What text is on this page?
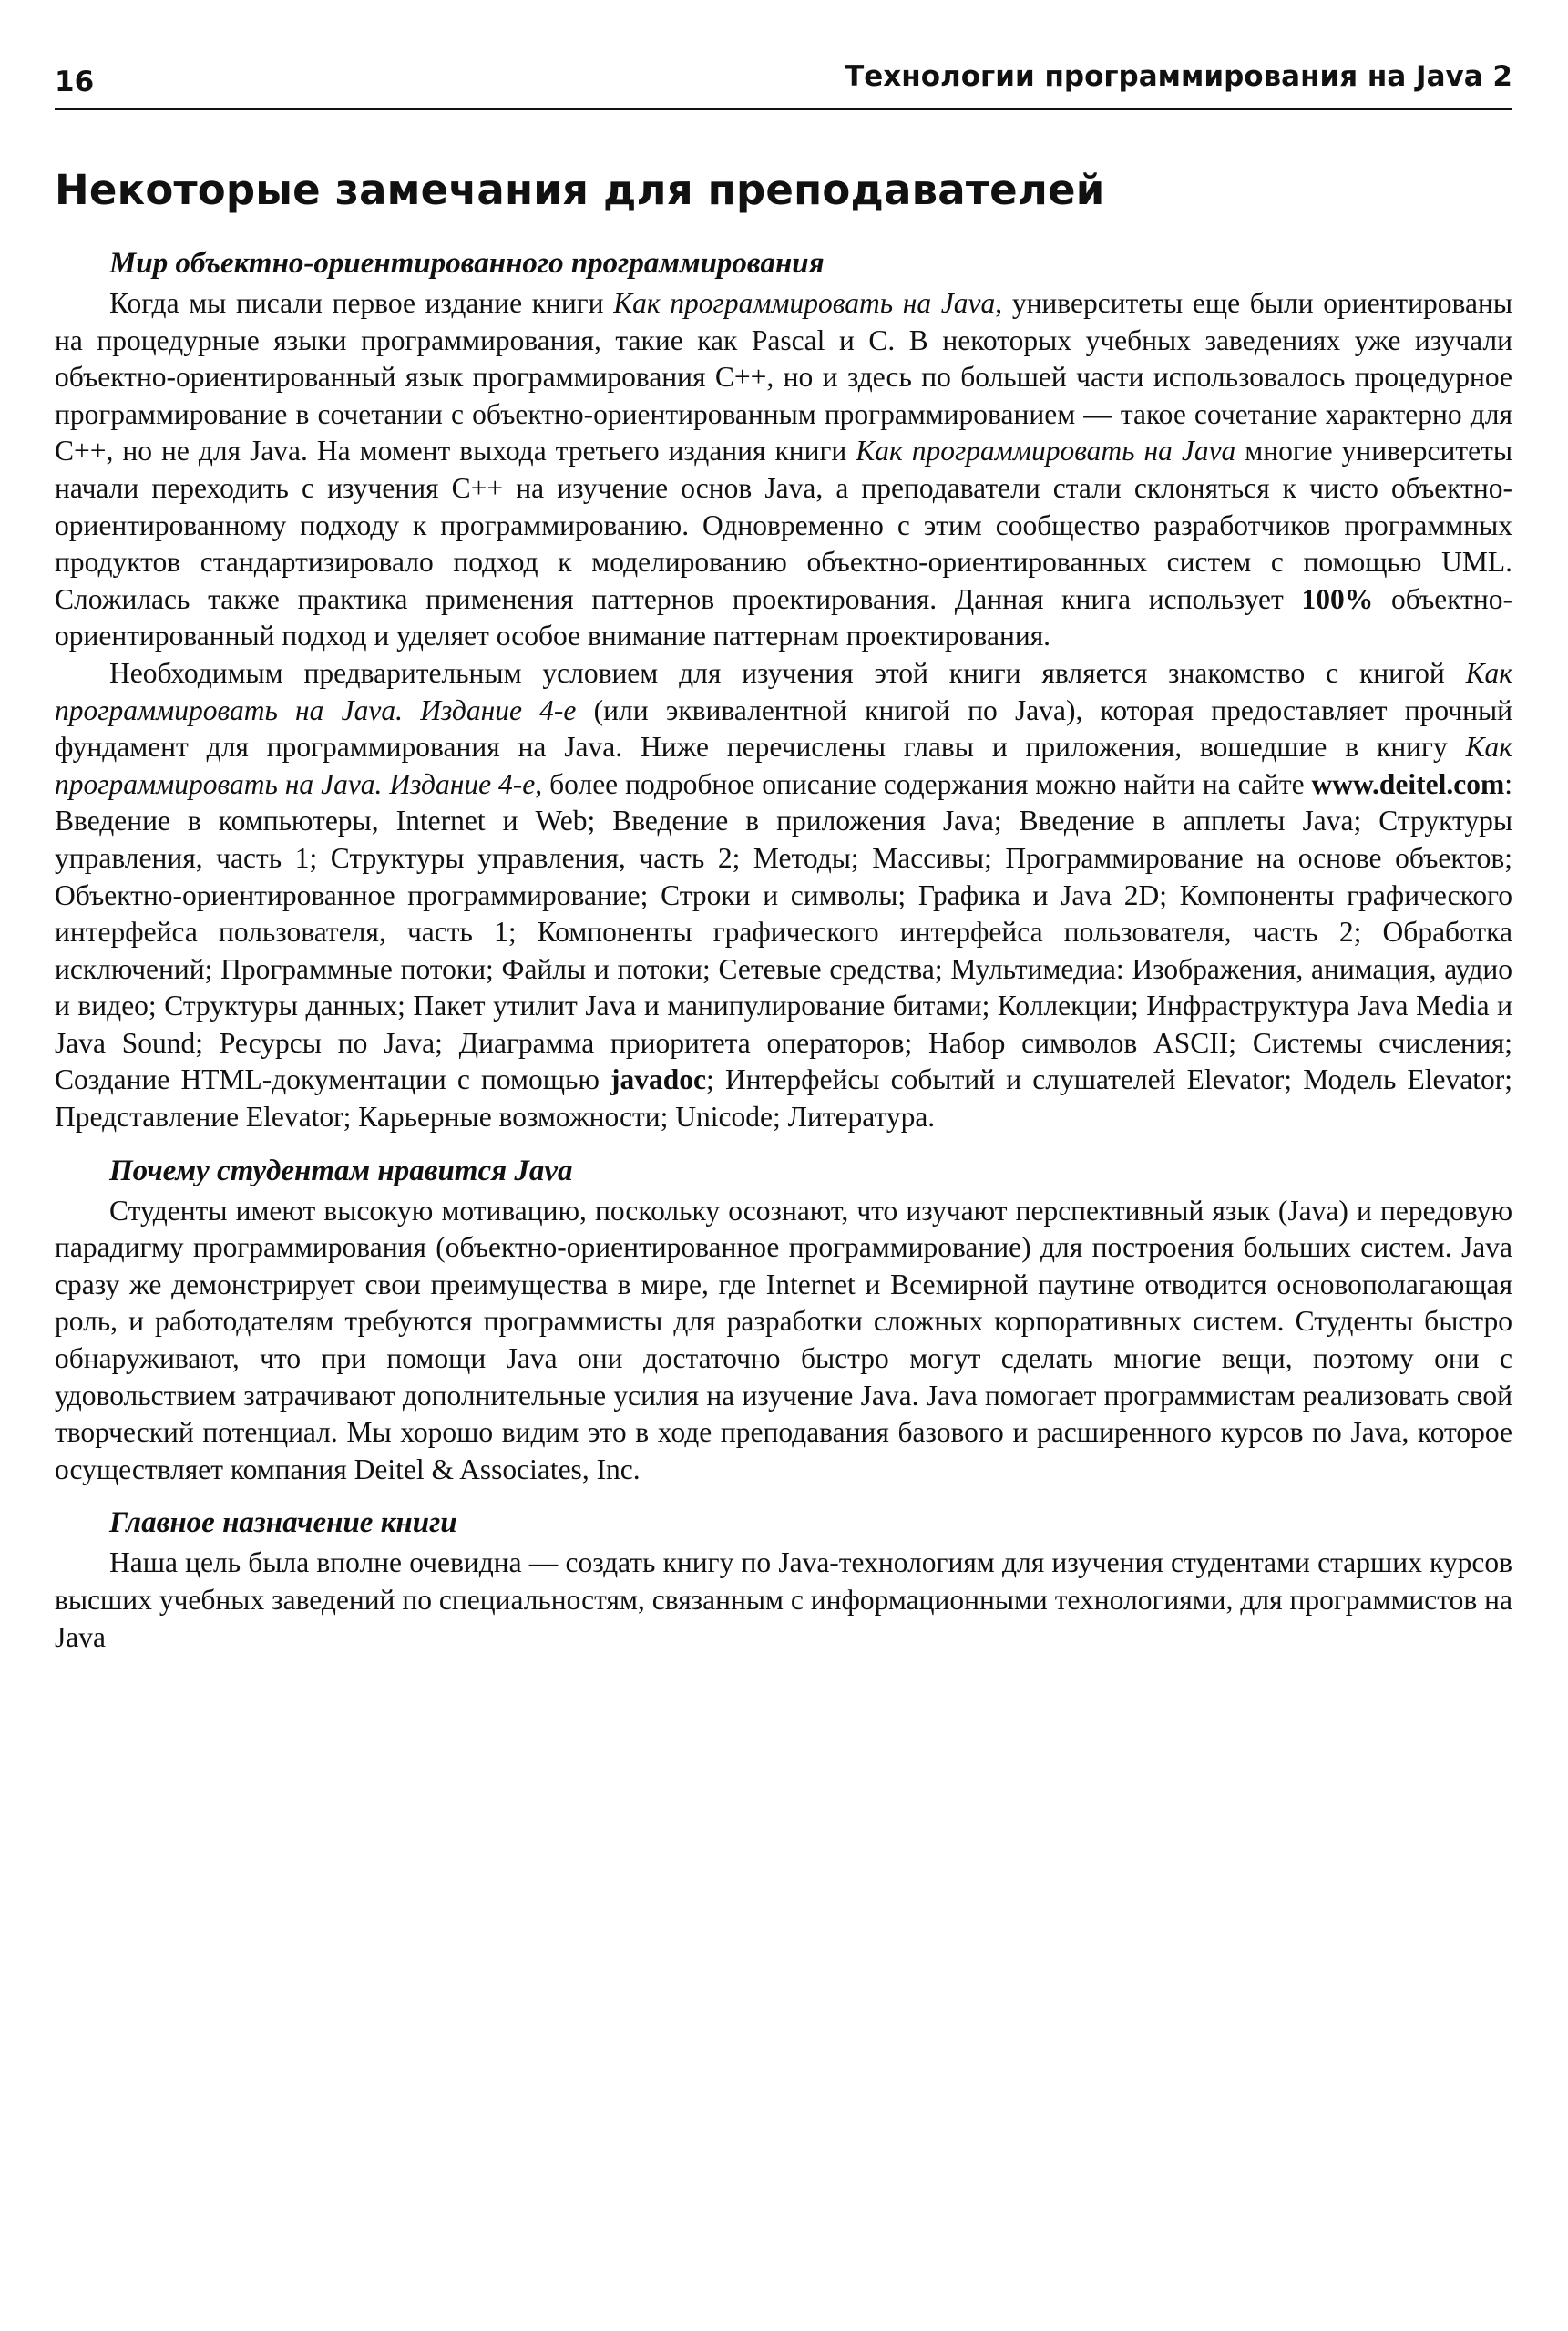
16	Технологии программирования на Java 2
Некоторые замечания для преподавателей
Мир объектно-ориентированного программирования

Когда мы писали первое издание книги Как программировать на Java, университеты еще были ориентированы на процедурные языки программирования, такие как Pascal и C. В некоторых учебных заведениях уже изучали объектно-ориентированный язык программирования C++, но и здесь по большей части использовалось процедурное программирование в сочетании с объектно-ориентированным программированием — такое сочетание характерно для C++, но не для Java. На момент выхода третьего издания книги Как программировать на Java многие университеты начали переходить с изучения C++ на изучение основ Java, а преподаватели стали склоняться к чисто объектно-ориентированному подходу к программированию. Одновременно с этим сообщество разработчиков программных продуктов стандартизировало подход к моделированию объектно-ориентированных систем с помощью UML. Сложилась также практика применения паттернов проектирования. Данная книга использует 100% объектно-ориентированный подход и уделяет особое внимание паттернам проектирования.

Необходимым предварительным условием для изучения этой книги является знакомство с книгой Как программировать на Java. Издание 4-е (или эквивалентной книгой по Java), которая предоставляет прочный фундамент для программирования на Java. Ниже перечислены главы и приложения, вошедшие в книгу Как программировать на Java. Издание 4-е, более подробное описание содержания можно найти на сайте www.deitel.com: Введение в компьютеры, Internet и Web; Введение в приложения Java; Введение в апплеты Java; Структуры управления, часть 1; Структуры управления, часть 2; Методы; Массивы; Программирование на основе объектов; Объектно-ориентированное программирование; Строки и символы; Графика и Java 2D; Компоненты графического интерфейса пользователя, часть 1; Компоненты графического интерфейса пользователя, часть 2; Обработка исключений; Программные потоки; Файлы и потоки; Сетевые средства; Мультимедиа: Изображения, анимация, аудио и видео; Структуры данных; Пакет утилит Java и манипулирование битами; Коллекции; Инфраструктура Java Media и Java Sound; Ресурсы по Java; Диаграмма приоритета операторов; Набор символов ASCII; Системы счисления; Создание HTML-документации с помощью javadoc; Интерфейсы событий и слушателей Elevator; Модель Elevator; Представление Elevator; Карьерные возможности; Unicode; Литература.

Почему студентам нравится Java

Студенты имеют высокую мотивацию, поскольку осознают, что изучают перспективный язык (Java) и передовую парадигму программирования (объектно-ориентированное программирование) для построения больших систем. Java сразу же демонстрирует свои преимущества в мире, где Internet и Всемирной паутине отводится основополагающая роль, и работодателям требуются программисты для разработки сложных корпоративных систем. Студенты быстро обнаруживают, что при помощи Java они достаточно быстро могут сделать многие вещи, поэтому они с удовольствием затрачивают дополнительные усилия на изучение Java. Java помогает программистам реализовать свой творческий потенциал. Мы хорошо видим это в ходе преподавания базового и расширенного курсов по Java, которое осуществляет компания Deitel & Associates, Inc.

Главное назначение книги

Наша цель была вполне очевидна — создать книгу по Java-технологиям для изучения студентами старших курсов высших учебных заведений по специальностям, связанным с информационными технологиями, для программистов на Java
